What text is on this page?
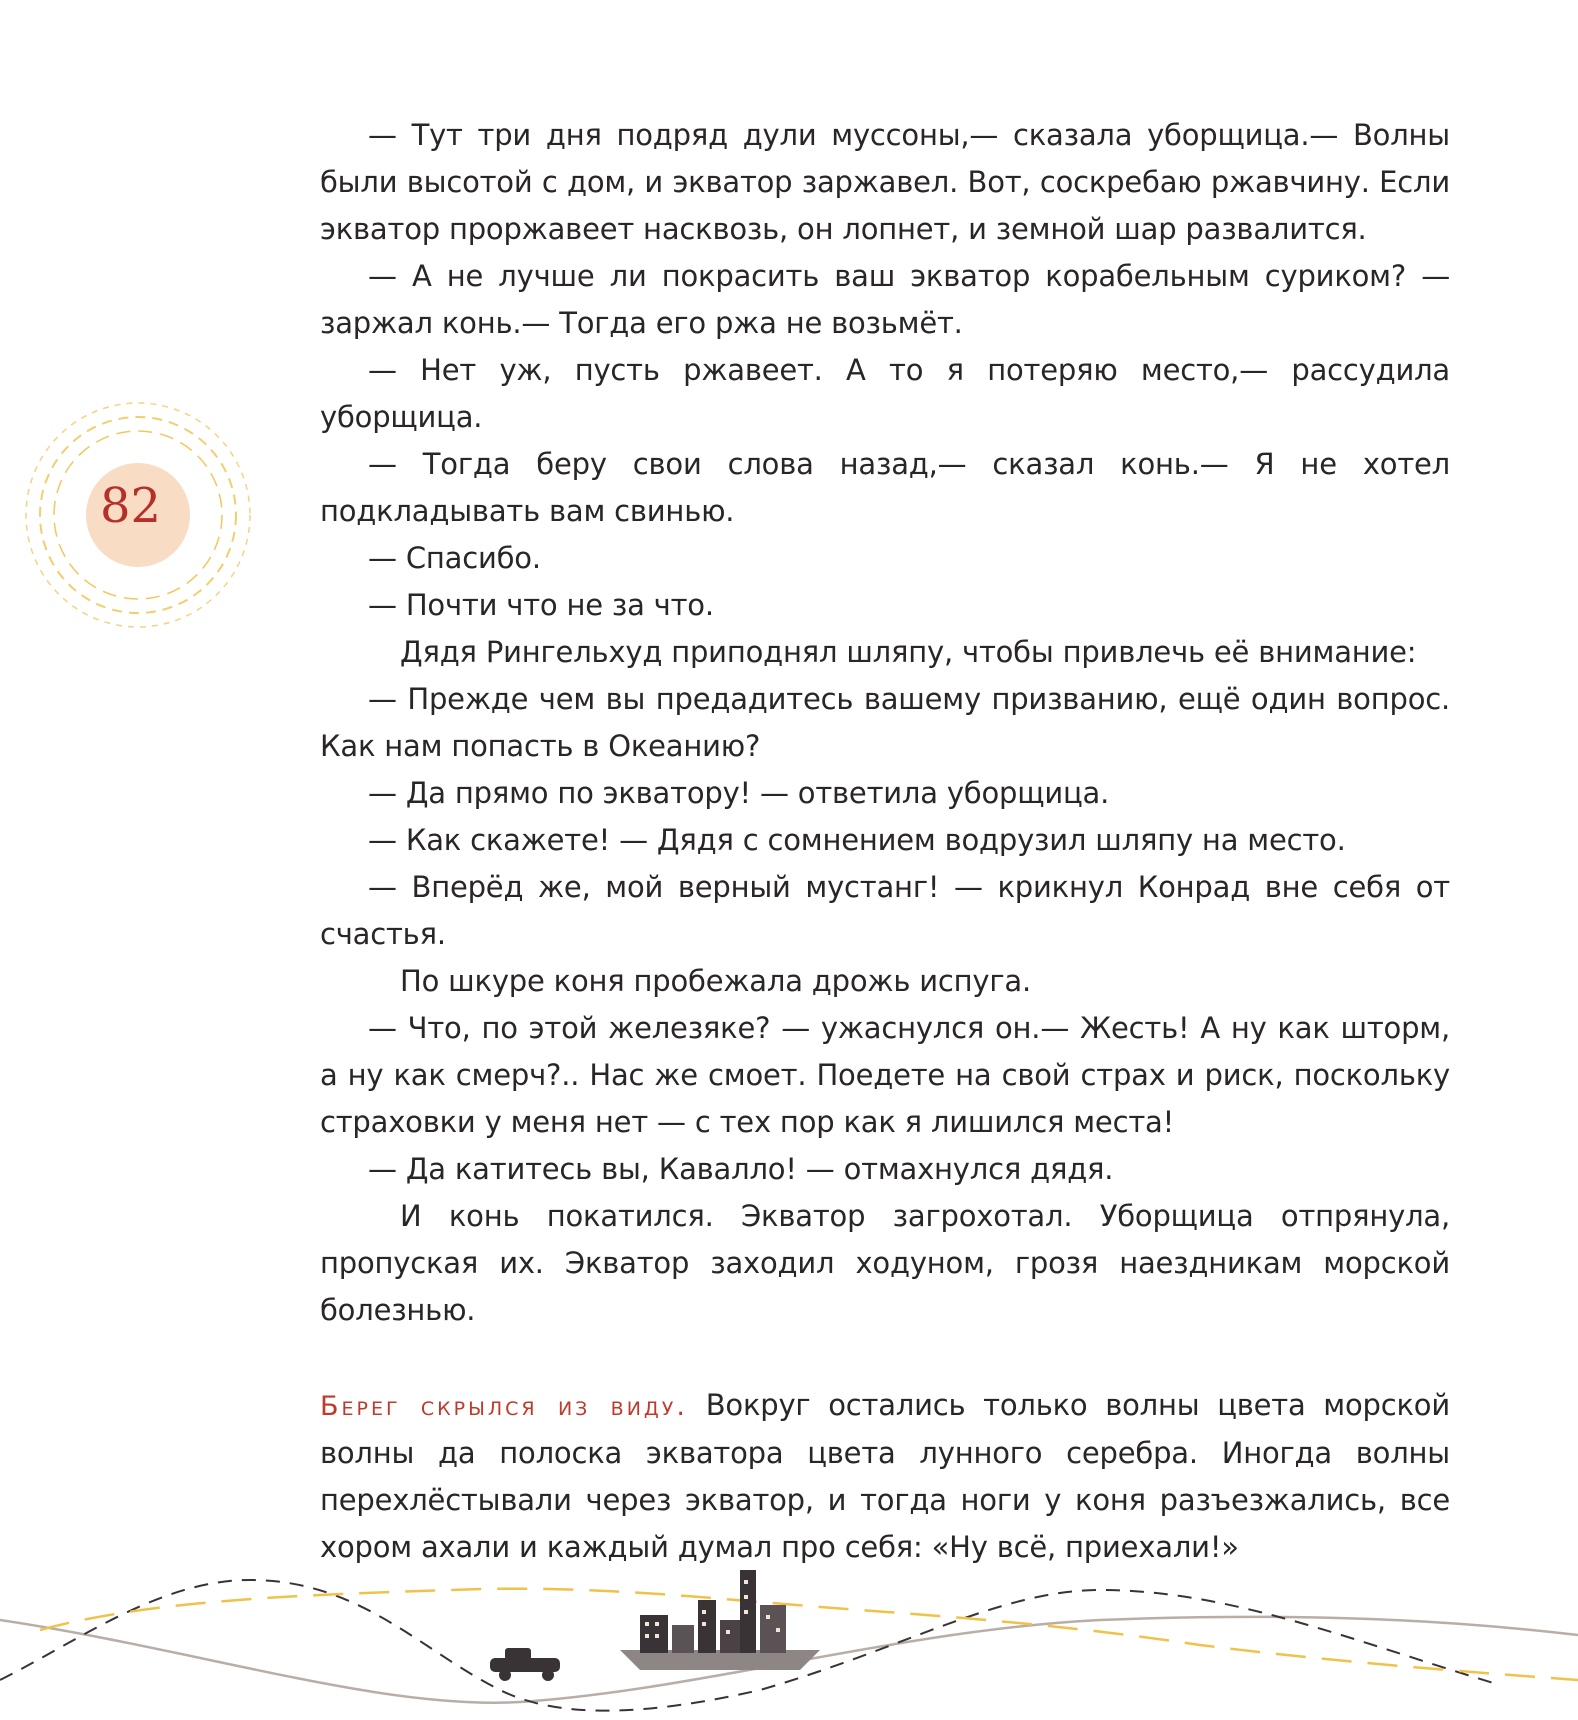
82

— Тут три дня подряд дули муссоны,— сказала уборщица.— Волны были высотой с дом, и экватор заржавел. Вот, соскребаю ржавчину. Если экватор проржавеет насквозь, он лопнет, и земной шар развалится.

— А не лучше ли покрасить ваш экватор корабельным суриком? — заржал конь.— Тогда его ржа не возьмёт.

— Нет уж, пусть ржавеет. А то я потеряю место,— рассудила уборщица.

— Тогда беру свои слова назад,— сказал конь.— Я не хотел подкладывать вам свинью.

— Спасибо.

— Почти что не за что.

Дядя Рингельхуд приподнял шляпу, чтобы привлечь её внимание:

— Прежде чем вы предадитесь вашему призванию, ещё один вопрос. Как нам попасть в Океанию?

— Да прямо по экватору! — ответила уборщица.

— Как скажете! — Дядя с сомнением водрузил шляпу на место.

— Вперёд же, мой верный мустанг! — крикнул Конрад вне себя от счастья.

По шкуре коня пробежала дрожь испуга.

— Что, по этой железяке? — ужаснулся он.— Жесть! А ну как шторм, а ну как смерч?.. Нас же смоет. Поедете на свой страх и риск, поскольку страховки у меня нет — с тех пор как я лишился места!

— Да катитесь вы, Кавалло! — отмахнулся дядя.

И конь покатился. Экватор загрохотал. Уборщица отпрянула, пропуская их. Экватор заходил ходуном, грозя наездникам морской болезнью.

Берег скрылся из виду. Вокруг остались только волны цвета морской волны да полоска экватора цвета лунного серебра. Иногда волны перехлёстывали через экватор, и тогда ноги у коня разъезжались, все хором ахали и каждый думал про себя: «Ну всё, приехали!»
